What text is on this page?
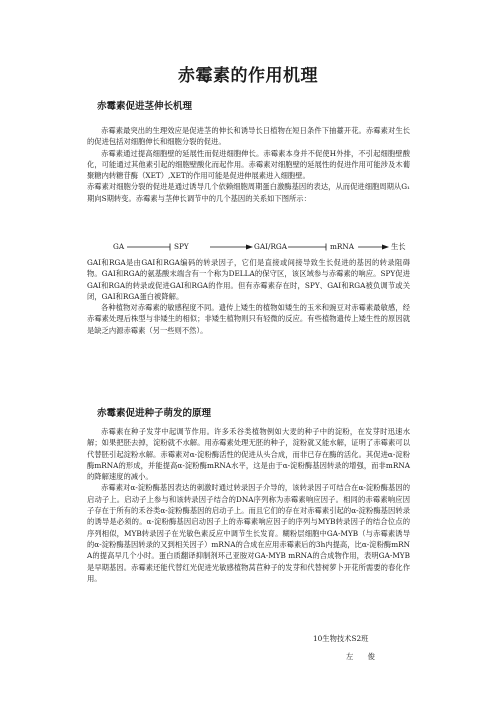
赤霉素的作用机理
赤霉素促进茎伸长机理

赤霉素最突出的生理效应是促进茎的伸长和诱导长日植物在短日条件下抽薹开花。赤霉素对生长的促进包括对细胞伸长和细胞分裂的促进。

赤霉素通过提高细胞壁的延展性而促进细胞伸长。赤霉素本身并不促使H外排，不引起细胞壁酸化，可能通过其他素引起的细胞壁酸化而起作用。赤霉素对细胞壁的延展性的促进作用可能涉及木葡聚糖内转糖苷酶（XET）,XET的作用可能是促进伸展素进入细胞壁。

赤霉素对细胞分裂的促进是通过诱导几个依赖细胞周期蛋白激酶基因的表达，从而促进细胞周期从G₁期向S期转变。赤霉素与茎伸长调节中的几个基因的关系如下图所示：

GA	SPY	GAI/RGA	mRNA	生长

GAI和RGA是由GAI和RGA编码的转录因子，它们是直接或间接导致生长促进的基因的转录阻碍物。GAI和RGA的氨基酸末端含有一个称为DELLA的保守区，该区域参与赤霉素的响应。SPY促进GAI和RGA的转录或促进GAI和RGA的作用。但有赤霉素存在时，SPY、GAI和RGA被负调节或关闭，GAI和RGA蛋白被降解。

各种植物对赤霉素的敏感程度不同。遗传上矮生的植物如矮生的玉米和豌豆对赤霉素最敏感，经赤霉素处理后株型与非矮生的相似；非矮生植物则只有轻微的反应。有些植物遗传上矮生性的原因就是缺乏内源赤霉素（另一些则不然）。

赤霉素促进种子萌发的原理

赤霉素在种子发芽中起调节作用。许多禾谷类植物例如大麦的种子中的淀粉，在发芽时迅速水解；如果把胚去掉，淀粉就不水解。用赤霉素处理无胚的种子，淀粉就又能水解，证明了赤霉素可以代替胚引起淀粉水解。赤霉素对α-淀粉酶活性的促进从头合成，而非已存在酶的活化。其促进α-淀粉酶mRNA的形成，并能提高α-淀粉酶mRNA水平，这是由于α-淀粉酶基因转录的增强，而非mRNA的降解速度的减小。

赤霉素对α-淀粉酶基因表达的刺激时通过转录因子介导的，该转录因子可结合在α-淀粉酶基因的启动子上。启动子上参与和该转录因子结合的DNA序列称为赤霉素响应因子。相同的赤霉素响应因子存在于所有的禾谷类α-淀粉酶基因的启动子上。而且它们的存在对赤霉素引起的α-淀粉酶基因转录的诱导是必须的。α-淀粉酶基因启动因子上的赤霉素响应因子的序列与MYB转录因子的结合位点的序列相似，MYB转录因子在光敏色素反应中调节生长发育。糊粉层细胞中GA-MYB（与赤霉素诱导的α-淀粉酶基因转录的又到相关因子）mRNA的合成在应用赤霉素后的3h内提高，比α-淀粉酶mRNA的提高早几个小时。蛋白质翻译抑制剂环己亚胺对GA-MYB mRNA的合成物作用，表明GA-MYB是早期基因。赤霉素还能代替红光促进光敏感植物莴苣种子的发芽和代替树萝卜开花所需要的春化作用。

10生物技术S2班
左 俊
